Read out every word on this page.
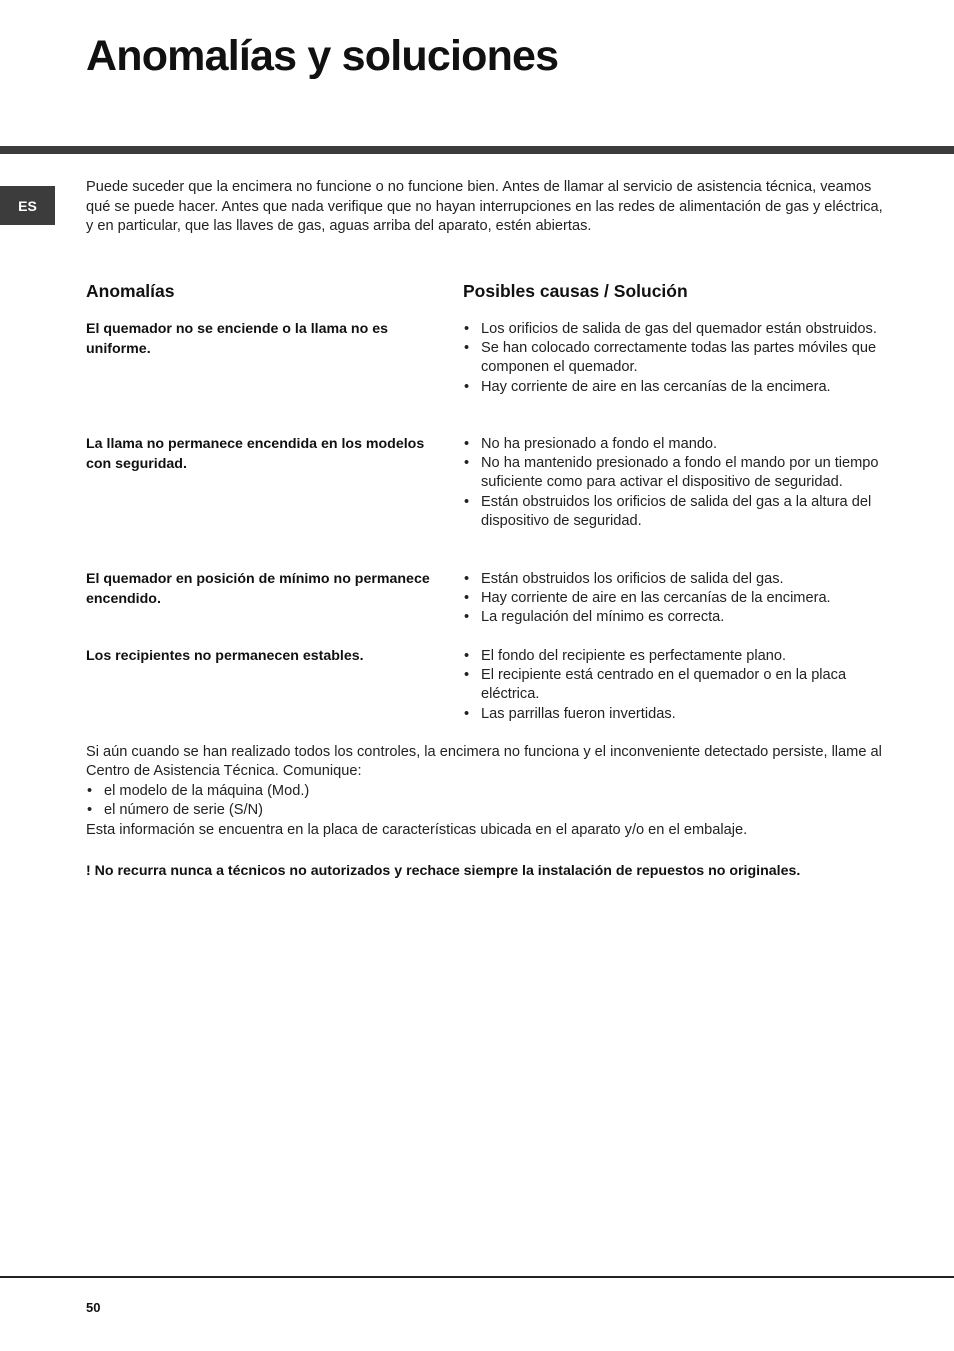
Anomalías y soluciones
ES

Puede suceder que la encimera no funcione o no funcione bien. Antes de llamar al servicio de asistencia técnica, veamos qué se puede hacer. Antes que nada verifique que no hayan interrupciones en las redes de alimentación de gas y eléctrica, y en particular, que las llaves de gas, aguas arriba del aparato, estén abiertas.

Anomalías	Posibles causas / Solución

El quemador no se enciende o la llama no es uniforme.

• Los orificios de salida de gas del quemador están obstruidos.
• Se han colocado correctamente todas las partes móviles que componen el quemador.
• Hay corriente de aire en las cercanías de la encimera.

La llama no permanece encendida en los modelos con seguridad.

• No ha presionado a fondo el mando.
• No ha mantenido presionado a fondo el mando por un tiempo suficiente como para activar el dispositivo de seguridad.
• Están obstruidos los orificios de salida del gas a la altura del dispositivo de seguridad.

El quemador en posición de mínimo no permanece encendido.

• Están obstruidos los orificios de salida del gas.
• Hay corriente de aire en las cercanías de la encimera.
• La regulación del mínimo es correcta.

Los recipientes no permanecen estables.

•	El fondo del recipiente es perfectamente plano.
• El recipiente está centrado en el quemador o en la placa eléctrica.
• Las parrillas fueron invertidas.

Si aún cuando se han realizado todos los controles, la encimera no funciona y el inconveniente detectado persiste, llame al Centro de Asistencia Técnica. Comunique:

• el modelo de la máquina (Mod.)
• el número de serie (S/N)

Esta información se encuentra en la placa de características ubicada en el aparato y/o en el embalaje.

! No recurra nunca a técnicos no autorizados y rechace siempre la instalación de repuestos no originales.

50
